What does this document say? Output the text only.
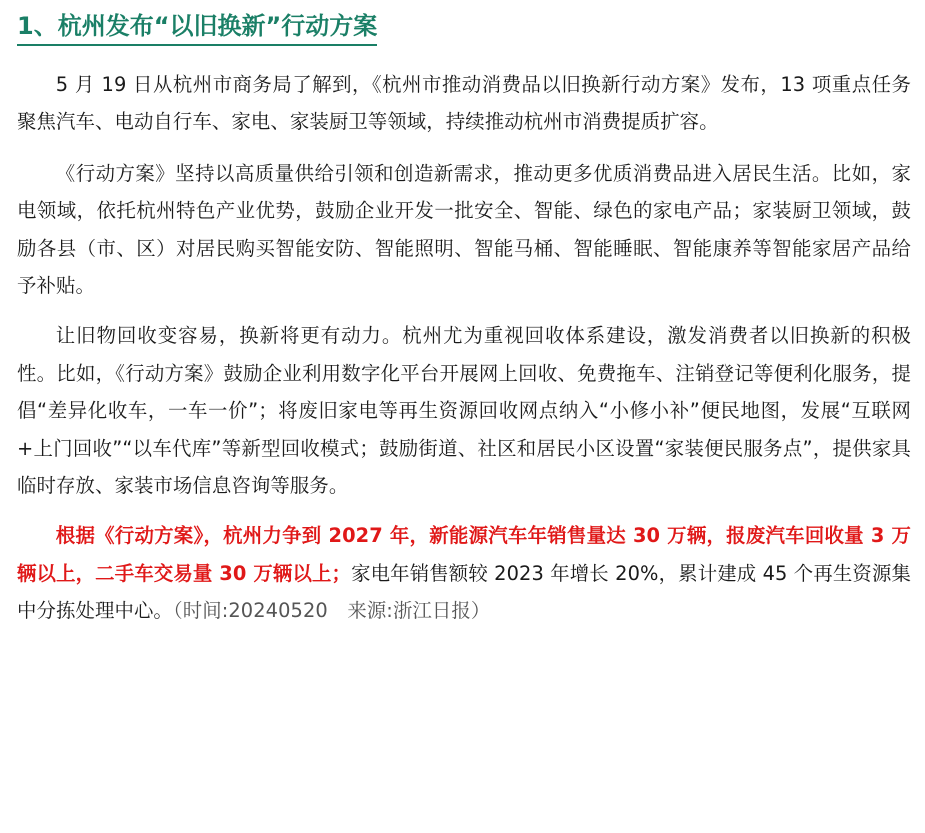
1、杭州发布“以旧换新”行动方案

5 月 19 日从杭州市商务局了解到，《杭州市推动消费品以旧换新行动方案》发布，13 项重点任务聚焦汽车、电动自行车、家电、家装厨卫等领域，持续推动杭州市消费提质扩容。

《行动方案》坚持以高质量供给引领和创造新需求，推动更多优质消费品进入居民生活。比如，家电领域，依托杭州特色产业优势，鼓励企业开发一批安全、智能、绿色的家电产品；家装厨卫领域，鼓励各县（市、区）对居民购买智能安防、智能照明、智能马桶、智能睡眠、智能康养等智能家居产品给予补贴。

让旧物回收变容易，换新将更有动力。杭州尤为重视回收体系建设，激发消费者以旧换新的积极性。比如，《行动方案》鼓励企业利用数字化平台开展网上回收、免费拖车、注销登记等便利化服务，提倡“差异化收车，一车一价”；将废旧家电等再生资源回收网点纳入“小修小补”便民地图，发展“互联网+上门回收”“以车代库”等新型回收模式；鼓励街道、社区和居民小区设置“家装便民服务点”，提供家具临时存放、家装市场信息咨询等服务。

根据《行动方案》，杭州力争到 2027 年，新能源汽车年销售量达 30 万辆，报废汽车回收量 3 万辆以上，二手车交易量 30 万辆以上；家电年销售额较 2023 年增长 20%，累计建成 45 个再生资源集中分拣处理中心。（时间:20240520　来源:浙江日报）
